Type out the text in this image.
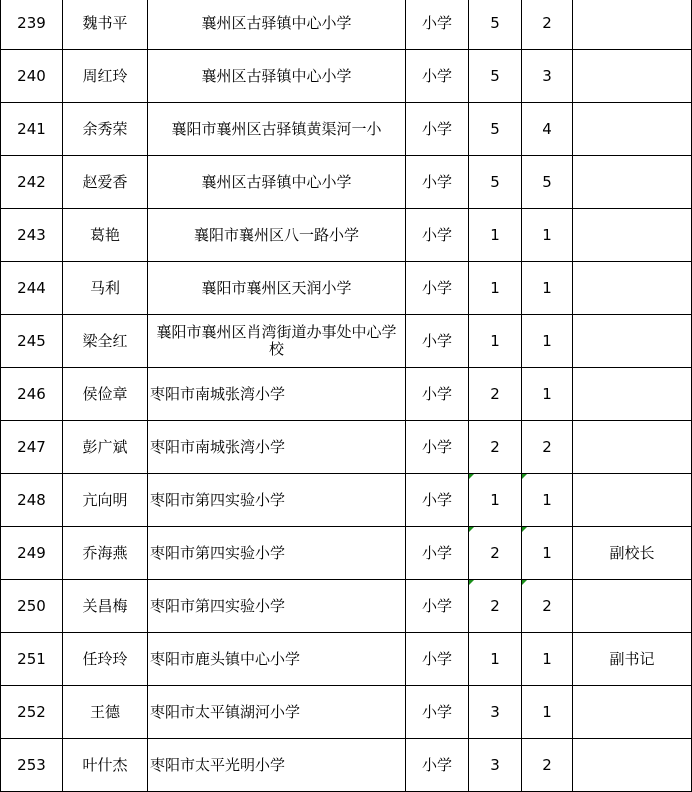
239	魏书平	襄州区古驿镇中心小学	小学	5	2	
240	周红玲	襄州区古驿镇中心小学	小学	5	3	
241	余秀荣	襄阳市襄州区古驿镇黄渠河一小	小学	5	4	
242	赵爱香	襄州区古驿镇中心小学	小学	5	5	
243	葛艳	襄阳市襄州区八一路小学	小学	1	1	
244	马利	襄阳市襄州区天润小学	小学	1	1	
245	梁全红	襄阳市襄州区肖湾街道办事处中心学校	小学	1	1	
246	侯俭章	枣阳市南城张湾小学	小学	2	1	
247	彭广斌	枣阳市南城张湾小学	小学	2	2	
248	亢向明	枣阳市第四实验小学	小学	1	1	
249	乔海燕	枣阳市第四实验小学	小学	2	1	副校长
250	关昌梅	枣阳市第四实验小学	小学	2	2	
251	任玲玲	枣阳市鹿头镇中心小学	小学	1	1	副书记
252	王德	枣阳市太平镇湖河小学	小学	3	1	
253	叶什杰	枣阳市太平光明小学	小学	3	2	
